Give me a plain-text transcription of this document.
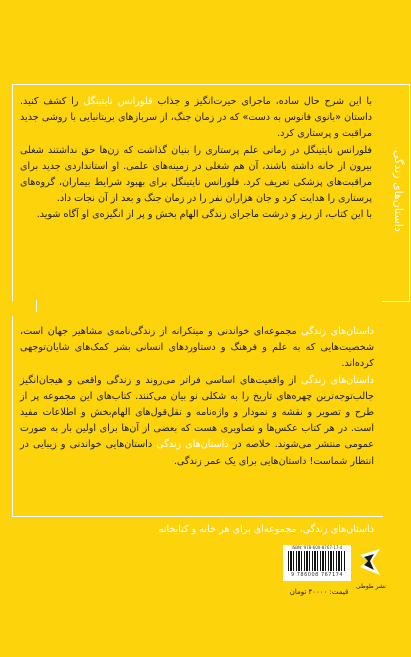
داستان‌های زندگی
با این شرح حال ساده، ماجرای حیرت‌انگیز و جذاب فلورانس نایتینگل را کشف کنید. داستان «بانوی فانوس به دست» که در زمان جنگ، از سربازهای بریتانیایی با روشی جدید مراقبت و پرستاری کرد.
فلورانس نایتینگل در زمانی علم پرستاری را بنیان گذاشت که زن‌ها حق نداشتند شغلی بیرون از خانه داشته باشند، آن هم شغلی در زمینه‌های علمی. او استانداردی جدید برای مراقبت‌های پزشکی تعریف کرد. فلورانس نایتینگل برای بهبود شرایط بیماران، گروه‌های پرستاری را هدایت کرد و جان هزاران نفر را در زمان جنگ و بعد از آن نجات داد.
با این کتاب، از ریز و درشت ماجرای زندگی الهام بخش و پر از انگیزه‌ی او آگاه شوید.
داستان‌های زندگی مجموعه‌ای خواندنی و میتکرانه از زندگی‌نامه‌ی مشاهیر جهان است، شخصیت‌هایی که به علم و فرهنگ و دستاوردهای انسانی بشر کمک‌های شایان‌توجهی کرده‌اند.
داستان‌های زندگی از واقعیت‌های اساسی فراتر می‌روند و زندگی واقعی و هیجان‌انگیز جالب‌توجه‌ترین چهره‌های تاریخ را به شکلی نو بیان می‌کنند. کتاب‌های این مجموعه پر از طرح و تصویر و نقشه و نمودار و واژه‌نامه و نقل‌قول‌های الهام‌بخش و اطلاعات مفید است. در هر کتاب عکس‌ها و تصاویری هست که بعضی از آن‌ها برای اولین بار به صورت عمومی منتشر می‌شوند. خلاصه در داستان‌های زندگی داستان‌هایی خواندنی و زیبایی در انتظار شماست! داستان‌هایی برای یک عمر زندگی.
داستان‌های زندگی، مجموعه‌ای برای هر خانه و کتابخانه
ISBN: 978-600-8767-17-4
9 786008 767174
نشر طوطی
قیمت: ۴۰۰۰۰ تومان
